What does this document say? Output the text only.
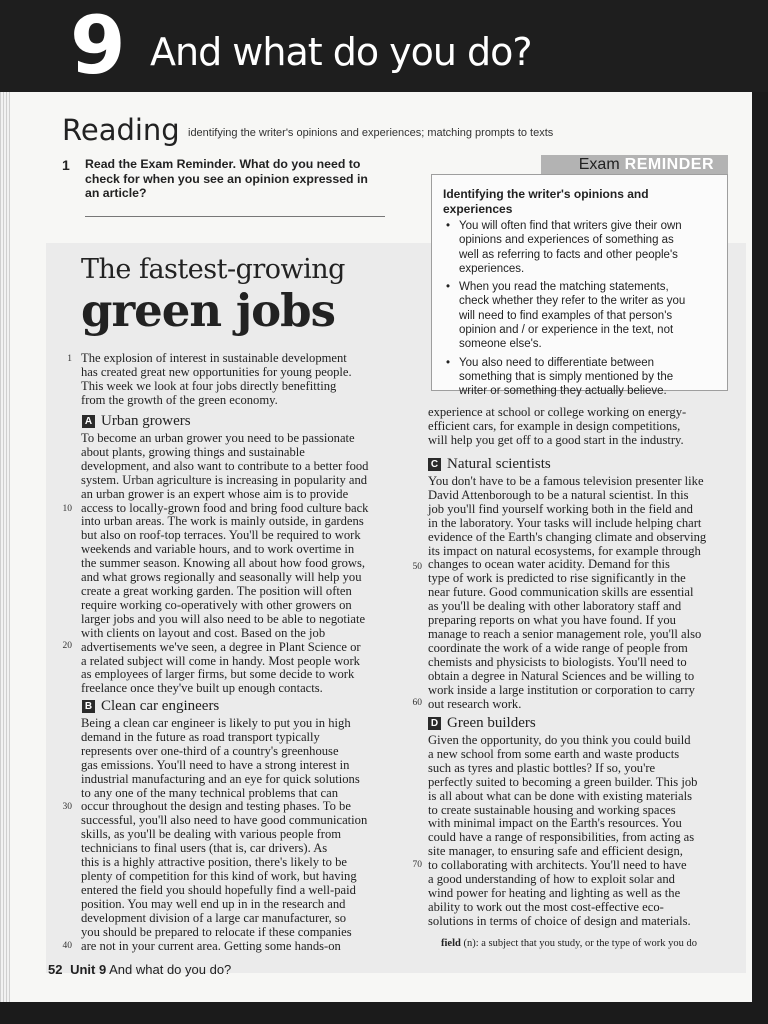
Reading identifying the writer's opinions and experiences; matching prompts to texts
1 Read the Exam Reminder. What do you need to
check for when you see an opinion expressed in
an article?
Exam REMINDER
Identifying the writer's opinions and
experiences
• You will often find that writers give their own
opinions and experiences of something as
well as referring to facts and other people's
experiences.
• When you read the matching statements,
check whether they refer to the writer as you
will need to find examples of that person's
opinion and / or experience in the text, not
someone else's.
• You also need to differentiate between
something that is simply mentioned by the
writer or something they actually believe.
The fastest-growing
green jobs
The explosion of interest in sustainable development
has created great new opportunities for young people.
This week we look at four jobs directly benefitting
from the growth of the green economy.
A Urban growers
To become an urban grower you need to be passionate
about plants, growing things and sustainable
development, and also want to contribute to a better food
system. Urban agriculture is increasing in popularity and
an urban grower is an expert whose aim is to provide
access to locally-grown food and bring food culture back
into urban areas. The work is mainly outside, in gardens
but also on roof-top terraces. You'll be required to work
weekends and variable hours, and to work overtime in
the summer season. Knowing all about how food grows,
and what grows regionally and seasonally will help you
create a great working garden. The position will often
require working co-operatively with other growers on
larger jobs and you will also need to be able to negotiate
with clients on layout and cost. Based on the job
advertisements we've seen, a degree in Plant Science or
a related subject will come in handy. Most people work
as employees of larger firms, but some decide to work
freelance once they've built up enough contacts.
B Clean car engineers
Being a clean car engineer is likely to put you in high
demand in the future as road transport typically
represents over one-third of a country's greenhouse
gas emissions. You'll need to have a strong interest in
industrial manufacturing and an eye for quick solutions
to any one of the many technical problems that can
occur throughout the design and testing phases. To be
successful, you'll also need to have good communication
skills, as you'll be dealing with various people from
technicians to final users (that is, car drivers). As
this is a highly attractive position, there's likely to be
plenty of competition for this kind of work, but having
entered the field you should hopefully find a well-paid
position. You may well end up in in the research and
development division of a large car manufacturer, so
you should be prepared to relocate if these companies
are not in your current area. Getting some hands-on
experience at school or college working on energy-
efficient cars, for example in design competitions,
will help you get off to a good start in the industry.
C Natural scientists
You don't have to be a famous television presenter like
David Attenborough to be a natural scientist. In this
job you'll find yourself working both in the field and
in the laboratory. Your tasks will include helping chart
evidence of the Earth's changing climate and observing
its impact on natural ecosystems, for example through
changes to ocean water acidity. Demand for this
type of work is predicted to rise significantly in the
near future. Good communication skills are essential
as you'll be dealing with other laboratory staff and
preparing reports on what you have found. If you
manage to reach a senior management role, you'll also
coordinate the work of a wide range of people from
chemists and physicists to biologists. You'll need to
obtain a degree in Natural Sciences and be willing to
work inside a large institution or corporation to carry
out research work.
D Green builders
Given the opportunity, do you think you could build
a new school from some earth and waste products
such as tyres and plastic bottles? If so, you're
perfectly suited to becoming a green builder. This job
is all about what can be done with existing materials
to create sustainable housing and working spaces
with minimal impact on the Earth's resources. You
could have a range of responsibilities, from acting as
site manager, to ensuring safe and efficient design,
to collaborating with architects. You'll need to have
a good understanding of how to exploit solar and
wind power for heating and lighting as well as the
ability to work out the most cost-effective eco-
solutions in terms of choice of design and materials.
1
10
20
30
40
50
60
70
field (n): a subject that you study, or the type of work you do
52 Unit 9 And what do you do?
9 And what do you do?
